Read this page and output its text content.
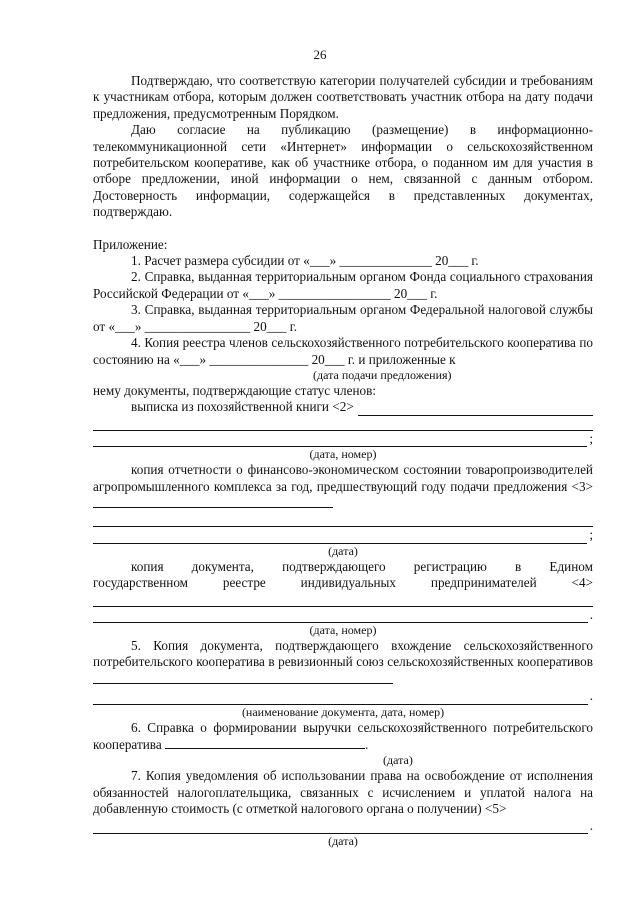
26

Подтверждаю, что соответствую категории получателей субсидии и требованиям к участникам отбора, которым должен соответствовать участник отбора на дату подачи предложения, предусмотренным Порядком.

Даю согласие на публикацию (размещение) в информационно-телекоммуникационной сети «Интернет» информации о сельскохозяйственном потребительском кооперативе, как об участнике отбора, о поданном им для участия в отборе предложении, иной информации о нем, связанной с данным отбором. Достоверность информации, содержащейся в представленных документах, подтверждаю.

Приложение:

1. Расчет размера субсидии от «___» ______________ 20___ г.

2. Справка, выданная территориальным органом Фонда социального страхования Российской Федерации от «___» _________________ 20___ г.

3. Справка, выданная территориальным органом Федеральной налоговой службы от «___» ________________ 20___ г.

4. Копия реестра членов сельскохозяйственного потребительского кооператива по состоянию на «___» _______________ 20___ г. и приложенные к

(дата подачи предложения)

нему документы, подтверждающие статус членов:

выписка из похозяйственной книги <2>
;

(дата, номер)

копия отчетности о финансово-экономическом состоянии товаропроизводителей агропромышленного комплекса за год, предшествующий году подачи предложения <3>

;

(дата)

копия документа, подтверждающего регистрацию в Едином
государственном	реестре	индивидуальных	предпринимателей	<4>
.

(дата, номер)

5. Копия документа, подтверждающего вхождение сельскохозяйственного потребительского кооператива в ревизионный союз сельскохозяйственных кооперативов

.

(наименование документа, дата, номер)

6. Справка о формировании выручки сельскохозяйственного потребительского кооператива	.

(дата)

7. Копия уведомления об использовании права на освобождение от исполнения обязанностей налогоплательщика, связанных с исчислением и уплатой налога на добавленную стоимость (с отметкой налогового органа о получении) <5>

.

(дата)
